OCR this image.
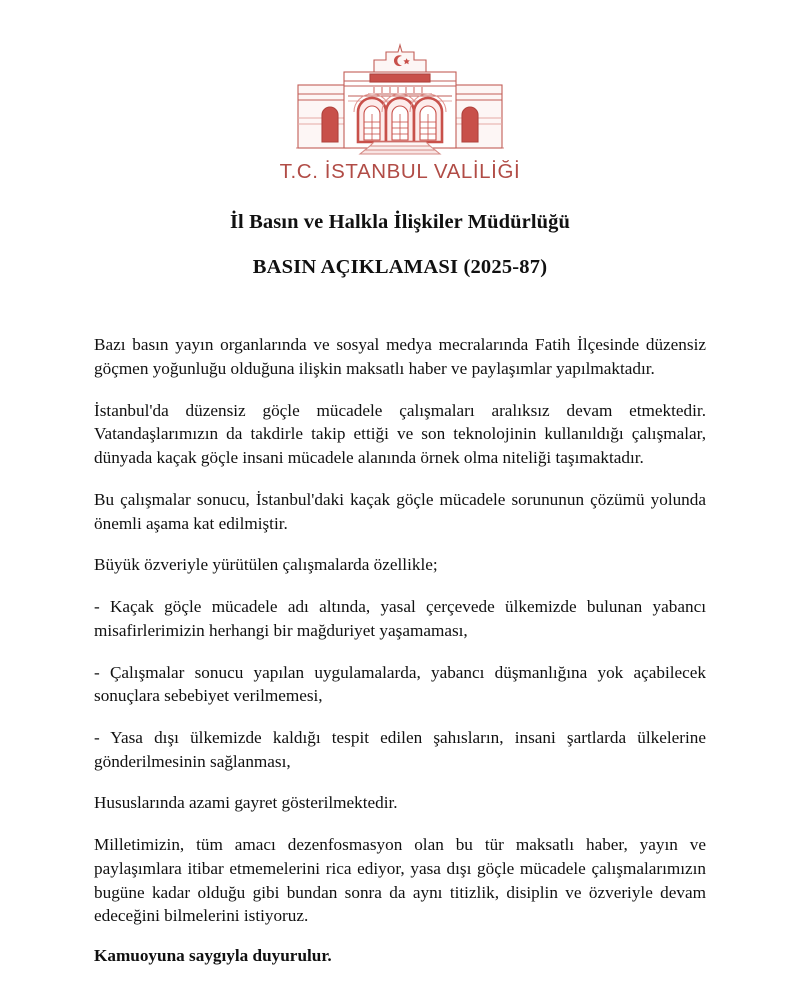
T.C. İSTANBUL VALİLİĞİ
İl Basın ve Halkla İlişkiler Müdürlüğü
BASIN AÇIKLAMASI (2025-87)

Bazı basın yayın organlarında ve sosyal medya mecralarında Fatih İlçesinde düzensiz göçmen yoğunluğu olduğuna ilişkin maksatlı haber ve paylaşımlar yapılmaktadır.

İstanbul'da düzensiz göçle mücadele çalışmaları aralıksız devam etmektedir. Vatandaşlarımızın da takdirle takip ettiği ve son teknolojinin kullanıldığı çalışmalar, dünyada kaçak göçle insani mücadele alanında örnek olma niteliği taşımaktadır.

Bu çalışmalar sonucu, İstanbul'daki kaçak göçle mücadele sorununun çözümü yolunda önemli aşama kat edilmiştir.

Büyük özveriyle yürütülen çalışmalarda özellikle;

- Kaçak göçle mücadele adı altında, yasal çerçevede ülkemizde bulunan yabancı misafirlerimizin herhangi bir mağduriyet yaşamaması,

- Çalışmalar sonucu yapılan uygulamalarda, yabancı düşmanlığına yok açabilecek sonuçlara sebebiyet verilmemesi,

- Yasa dışı ülkemizde kaldığı tespit edilen şahısların, insani şartlarda ülkelerine gönderilmesinin sağlanması,

Hususlarında azami gayret gösterilmektedir.

Milletimizin, tüm amacı dezenfosmasyon olan bu tür maksatlı haber, yayın ve paylaşımlara itibar etmemelerini rica ediyor, yasa dışı göçle mücadele çalışmalarımızın bugüne kadar olduğu gibi bundan sonra da aynı titizlik, disiplin ve özveriyle devam edeceğini bilmelerini istiyoruz.

Kamuoyuna saygıyla duyurulur.
